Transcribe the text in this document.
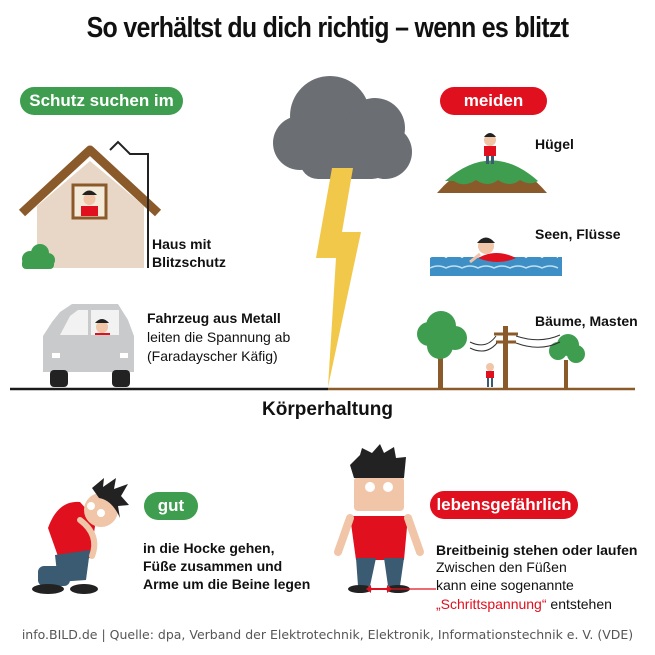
So verhältst du dich richtig – wenn es blitzt
Schutz suchen im
Haus mit
Blitzschutz
Fahrzeug aus Metall
leiten die Spannung ab
(Faradayscher Käfig)
meiden
Hügel
Seen, Flüsse
Bäume, Masten
Körperhaltung
gut
in die Hocke gehen,
Füße zusammen und
Arme um die Beine legen
lebensgefährlich
Breitbeinig stehen oder laufen
Zwischen den Füßen
kann eine sogenannte
„Schrittspannung“ entstehen
info.BILD.de | Quelle: dpa, Verband der Elektrotechnik, Elektronik, Informationstechnik e. V. (VDE)
